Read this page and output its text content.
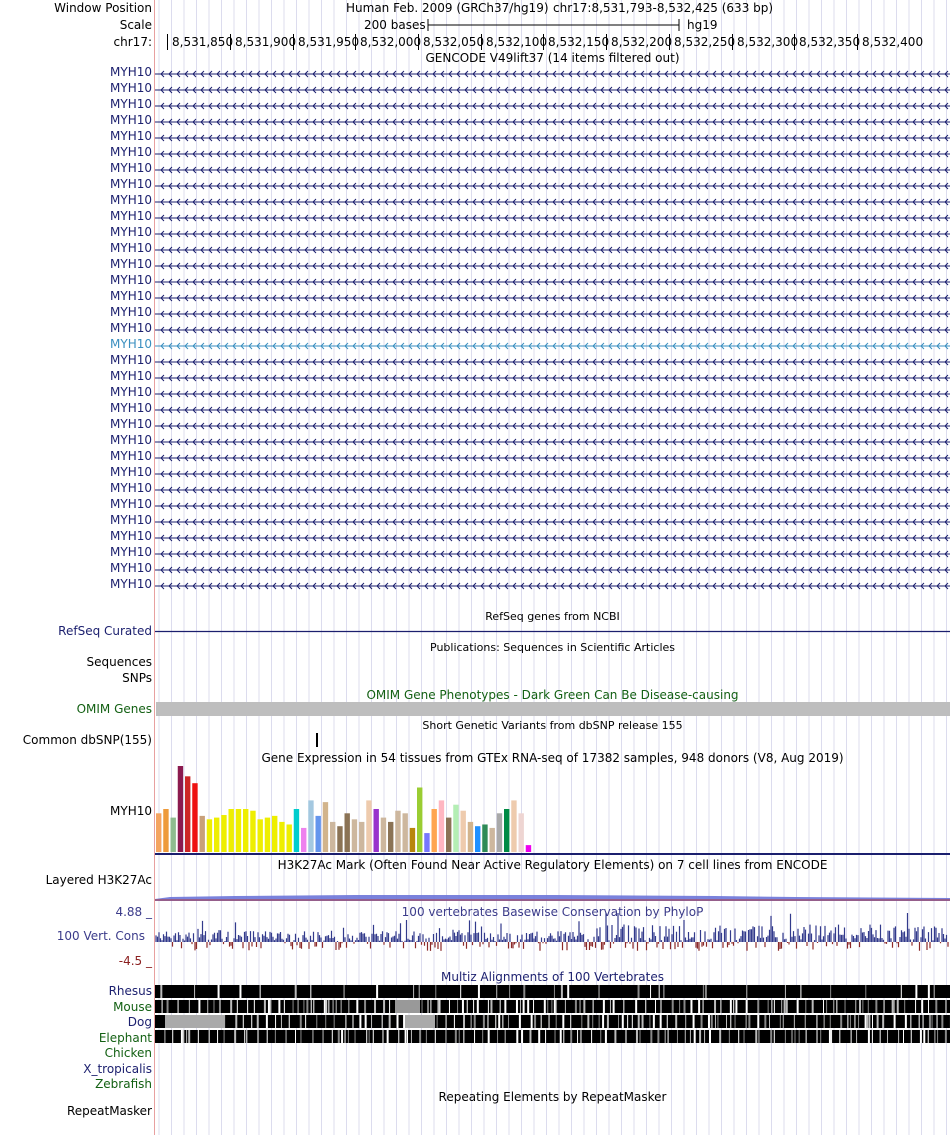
Window Position
Scale
chr17:
Human Feb. 2009 (GRCh37/hg19) chr17:8,531,793-8,532,425 (633 bp)
200 bases	hg19
8,531,850 8,531,900 8,531,950 8,532,000 8,532,050 8,532,100 8,532,150 8,532,200 8,532,250 8,532,300 8,532,350 8,532,400
GENCODE V49lift37 (14 items filtered out)
MYH10
MYH10
MYH10
MYH10
MYH10
MYH10
MYH10
MYH10
MYH10
MYH10
MYH10
MYH10
MYH10
MYH10
MYH10
MYH10
MYH10
MYH10
MYH10
MYH10
MYH10
MYH10
MYH10
MYH10
MYH10
MYH10
MYH10
MYH10
MYH10
MYH10
MYH10
MYH10
MYH10
RefSeq genes from NCBI
RefSeq Curated
Publications: Sequences in Scientific Articles
Sequences
SNPs
OMIM Gene Phenotypes - Dark Green Can Be Disease-causing
OMIM Genes
Short Genetic Variants from dbSNP release 155
Common dbSNP(155)
Gene Expression in 54 tissues from GTEx RNA-seq of 17382 samples, 948 donors (V8, Aug 2019)
MYH10
H3K27Ac Mark (Often Found Near Active Regulatory Elements) on 7 cell lines from ENCODE
Layered H3K27Ac
100 vertebrates Basewise Conservation by PhyloP
4.88 _
100 Vert. Cons
-4.5 _
Multiz Alignments of 100 Vertebrates
Rhesus
Mouse
Dog
Elephant
Chicken
X_tropicalis
Zebrafish
Repeating Elements by RepeatMasker
RepeatMasker
